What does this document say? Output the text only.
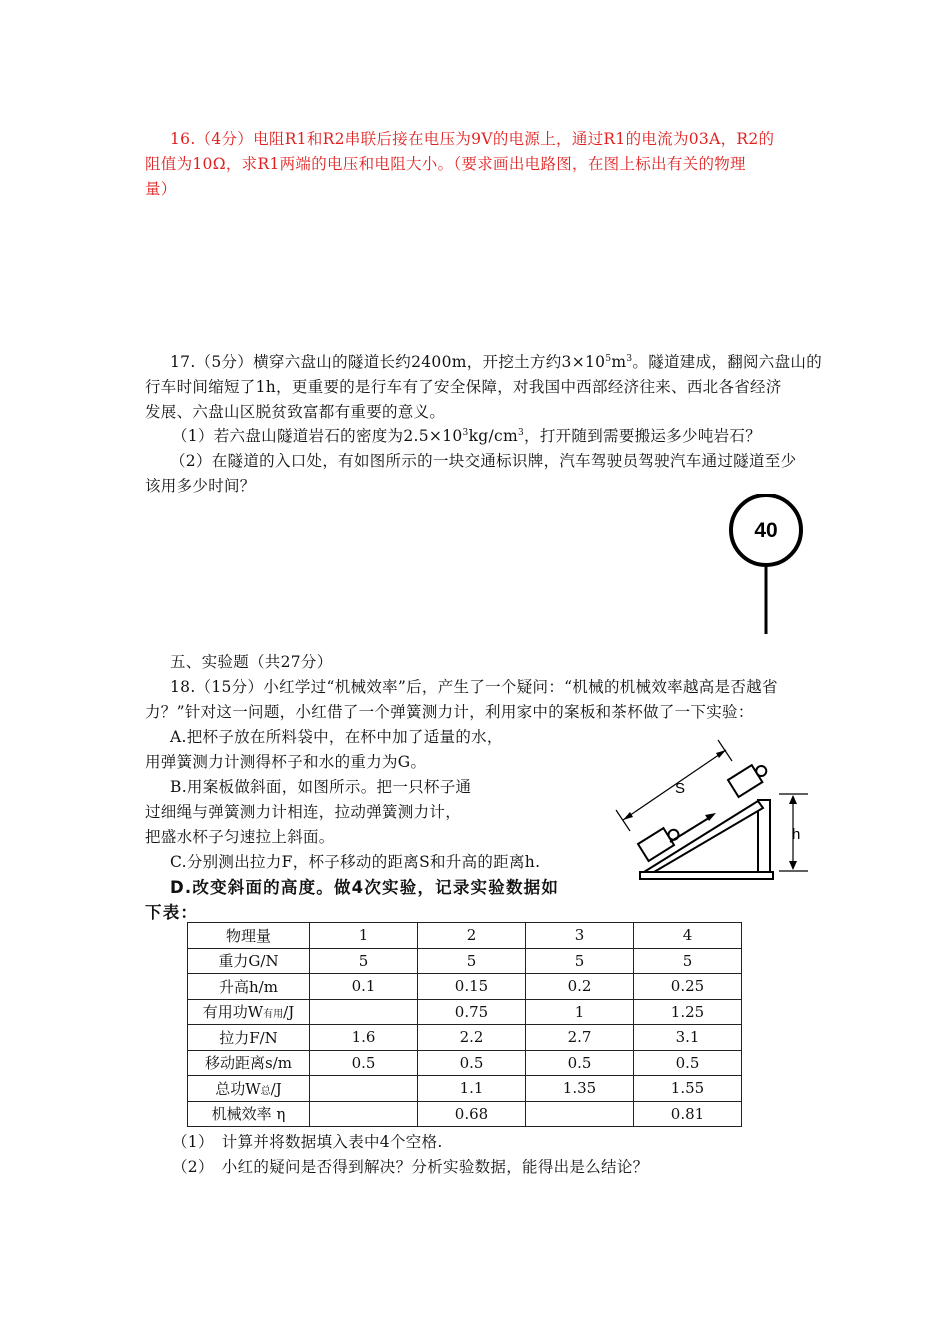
16.（4分）电阻R1和R2串联后接在电压为9V的电源上，通过R1的电流为03A，R2的
阻值为10Ω，求R1两端的电压和电阻大小。（要求画出电路图，在图上标出有关的物理
量）
17.（5分）横穿六盘山的隧道长约2400m，开挖土方约$3\times 10^5m^3$。隧道建成，翻阅六盘山的
行车时间缩短了1h，更重要的是行车有了安全保障，对我国中西部经济往来、西北各省经济
发展、六盘山区脱贫致富都有重要的意义。
（1）若六盘山隧道岩石的密度为$2.5\times 10^3kg/cm^3$，打开随到需要搬运多少吨岩石？
（2）在隧道的入口处，有如图所示的一块交通标识牌，汽车驾驶员驾驶汽车通过隧道至少
该用多少时间？
40
五、实验题（共27分）
18.（15分）小红学过“机械效率”后，产生了一个疑问：“机械的机械效率越高是否越省
力？”针对这一问题，小红借了一个弹簧测力计，利用家中的案板和茶杯做了一下实验：
A.把杯子放在所料袋中，在杯中加了适量的水，
用弹簧测力计测得杯子和水的重力为G。
B.用案板做斜面，如图所示。把一只杯子通
过细绳与弹簧测力计相连，拉动弹簧测力计，
把盛水杯子匀速拉上斜面。
C.分别测出拉力F，杯子移动的距离S和升高的距离h.
D.改变斜面的高度。做4次实验，记录实验数据如
下表：
S
h
物理量	1	2	3	4
重力G/N	5	5	5	5
升高h/m	0.1	0.15	0.2	0.25
有用功W有用/J		0.75	1	1.25
拉力F/N	1.6	2.2	2.7	3.1
移动距离s/m	0.5	0.5	0.5	0.5
总功W总/J		1.1	1.35	1.55
机械效率 η		0.68		0.81
（1）　计算并将数据填入表中4个空格.
（2）　小红的疑问是否得到解决？分析实验数据，能得出是么结论？
